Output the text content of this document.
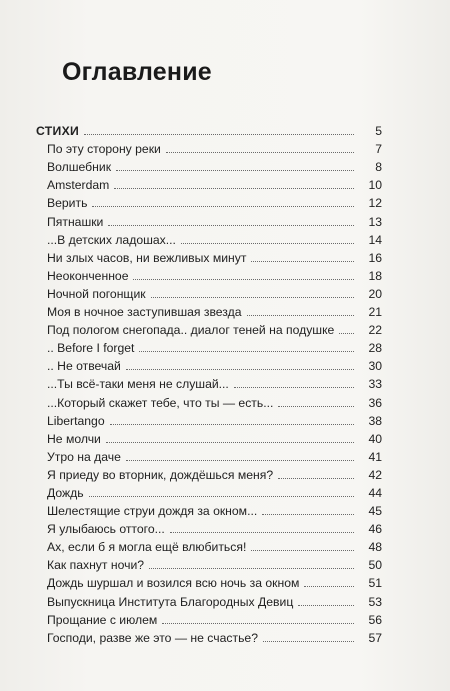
Оглавление
СТИХИ	5
По эту сторону реки	7
Волшебник	8
Amsterdam	10
Верить	12
Пятнашки	13
...В детских ладошах...	14
Ни злых часов, ни вежливых минут	16
Неоконченное	18
Ночной погонщик	20
Моя в ночное заступившая звезда	21
Под пологом снегопада.. диалог теней на подушке	22
.. Before I forget	28
.. Не отвечай	30
...Ты всё-таки меня не слушай...	33
...Который скажет тебе, что ты — есть...	36
Libertango	38
Не молчи	40
Утро на даче	41
Я приеду во вторник, дождёшься меня?	42
Дождь	44
Шелестящие струи дождя за окном...	45
Я улыбаюсь оттого...	46
Ах, если б я могла ещё влюбиться!	48
Как пахнут ночи?	50
Дождь шуршал и возился всю ночь за окном	51
Выпускница Института Благородных Девиц	53
Прощание с июлем	56
Господи, разве же это — не счастье?	57
